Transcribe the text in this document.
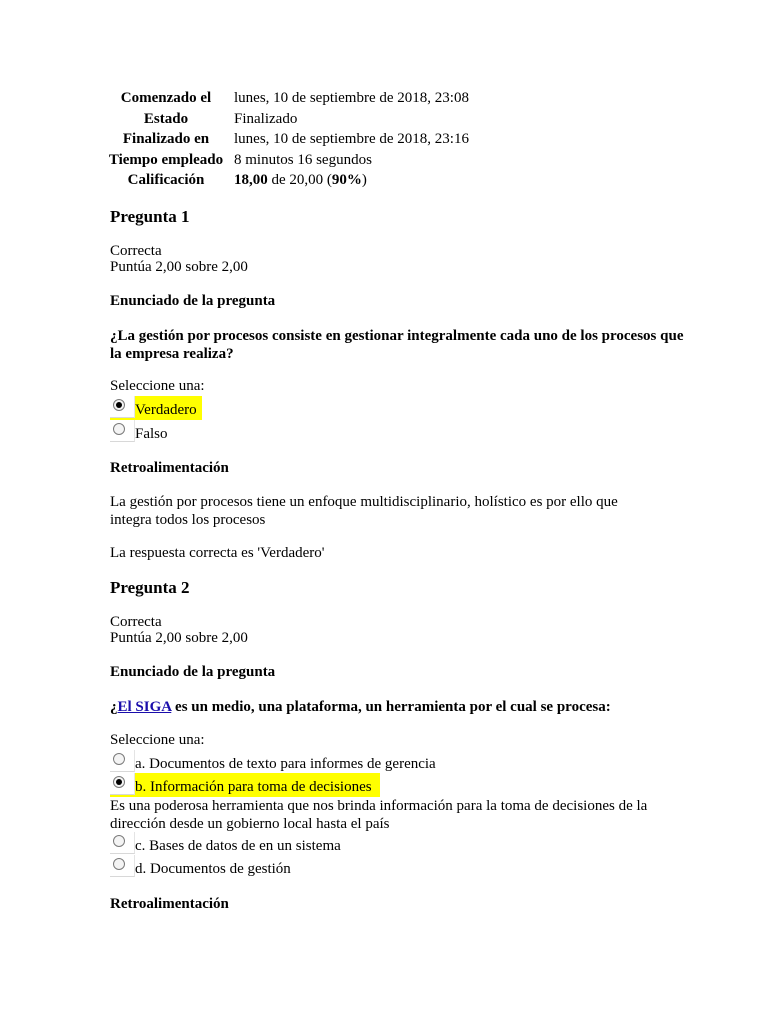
Comenzado el	lunes, 10 de septiembre de 2018, 23:08
Estado	Finalizado
Finalizado en	lunes, 10 de septiembre de 2018, 23:16
Tiempo empleado	8 minutos 16 segundos
Calificación	18,00 de 20,00 (90%)
Pregunta 1
Correcta
Puntúa 2,00 sobre 2,00
Enunciado de la pregunta
¿La gestión por procesos consiste en gestionar integralmente cada uno de los procesos que la empresa realiza?
Seleccione una:
Verdadero
Falso
Retroalimentación
La gestión por procesos tiene un enfoque multidisciplinario, holístico es por ello que integra todos los procesos
La respuesta correcta es 'Verdadero'
Pregunta 2
Correcta
Puntúa 2,00 sobre 2,00
Enunciado de la pregunta
¿El SIGA es un medio, una plataforma, un herramienta por el cual se procesa:
Seleccione una:
a. Documentos de texto para informes de gerencia
b. Información para toma de decisiones
Es una poderosa herramienta que nos brinda información para la toma de decisiones de la dirección desde un gobierno local hasta el país
c. Bases de datos de en un sistema
d. Documentos de gestión
Retroalimentación
